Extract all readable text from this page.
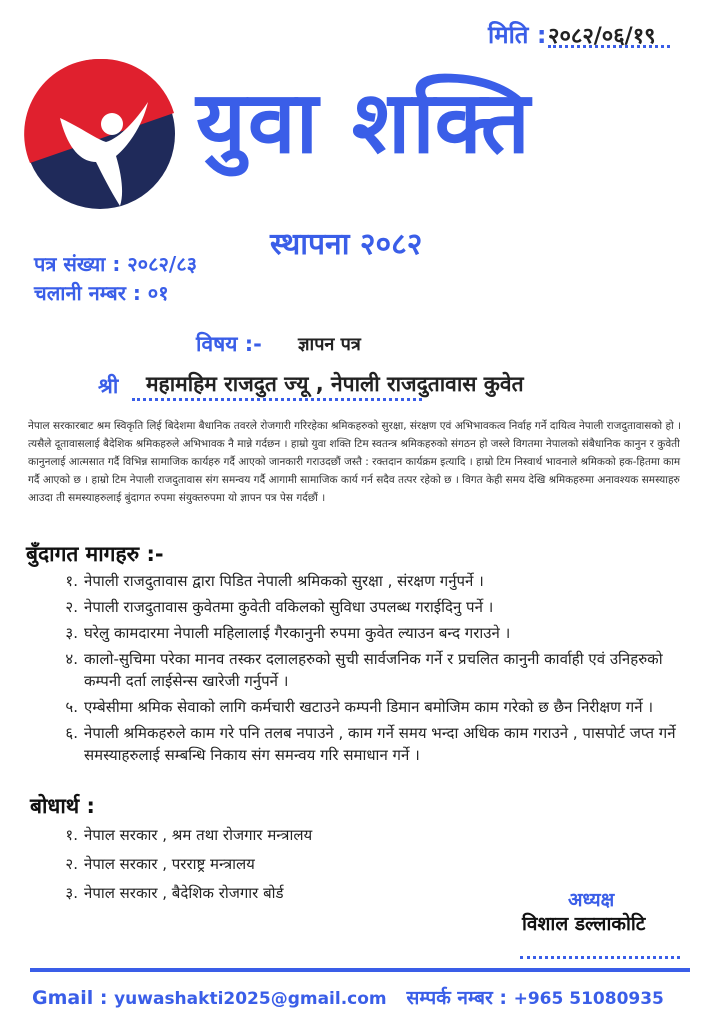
मिति : २०८२/०६/१९
युवा शक्ति
स्थापना २०८२
पत्र संख्या : २०८२/८३
चलानी नम्बर : ०१
विषय :- ज्ञापन पत्र
श्री महामहिम राजदुत ज्यू , नेपाली राजदुतावास कुवेत
नेपाल सरकारबाट श्रम स्विकृति लिई बिदेशमा बैधानिक तवरले रोजगारी गरिरहेका श्रमिकहरुको सुरक्षा, संरक्षण एवं अभिभावकत्व निर्वाह गर्ने दायित्व नेपाली राजदुतावासको हो । त्यसैले दूतावासलाई बैदेशिक श्रमिकहरुले अभिभावक नै मान्ने गर्दछन । हाम्रो युवा शक्ति टिम स्वतन्त्र श्रमिकहरुको संगठन हो जस्ले विगतमा नेपालको संबैधानिक कानुन र कुवेती कानुनलाई आत्मसात गर्दै विभिन्न सामाजिक कार्यहरु गर्दै आएको जानकारी गराउदछौं जस्तै : रक्तदान कार्यक्रम इत्यादि । हाम्रो टिम निस्वार्थ भावनाले श्रमिकको हक-हितमा काम गर्दै आएको छ । हाम्रो टिम नेपाली राजदुतावास संग समन्वय गर्दै आगामी सामाजिक कार्य गर्न सदैव तत्पर रहेको छ । विगत केही समय देखि श्रमिकहरुमा अनावश्यक समस्याहरु आउदा ती समस्याहरुलाई बुंदागत रुपमा संयुक्तरुपमा यो ज्ञापन पत्र पेस गर्दछौं ।
बुँदागत मागहरु :-
१. नेपाली राजदुतावास द्वारा पिडित नेपाली श्रमिकको सुरक्षा , संरक्षण गर्नुपर्ने ।
२. नेपाली राजदुतावास कुवेतमा कुवेती वकिलको सुविधा उपलब्ध गराईदिनु पर्ने ।
३. घरेलु कामदारमा नेपाली महिलालाई गैरकानुनी रुपमा कुवेत ल्याउन बन्द गराउने ।
४. कालो-सुचिमा परेका मानव तस्कर दलालहरुको सुची सार्वजनिक गर्ने र प्रचलित कानुनी कार्वाही एवं उनिहरुको कम्पनी दर्ता लाईसेन्स खारेजी गर्नुपर्ने ।
५. एम्बेसीमा श्रमिक सेवाको लागि कर्मचारी खटाउने कम्पनी डिमान बमोजिम काम गरेको छ छैन निरीक्षण गर्ने ।
६. नेपाली श्रमिकहरुले काम गरे पनि तलब नपाउने , काम गर्ने समय भन्दा अधिक काम गराउने , पासपोर्ट जप्त गर्ने समस्याहरुलाई सम्बन्धि निकाय संग समन्वय गरि समाधान गर्ने ।
बोधार्थ :
१. नेपाल सरकार , श्रम तथा रोजगार मन्त्रालय
२. नेपाल सरकार , परराष्ट्र मन्त्रालय
३. नेपाल सरकार , बैदेशिक रोजगार बोर्ड	अध्यक्ष
विशाल डल्लाकोटि
Gmail : yuwashakti2025@gmail.com सम्पर्क नम्बर : +965 51080935
